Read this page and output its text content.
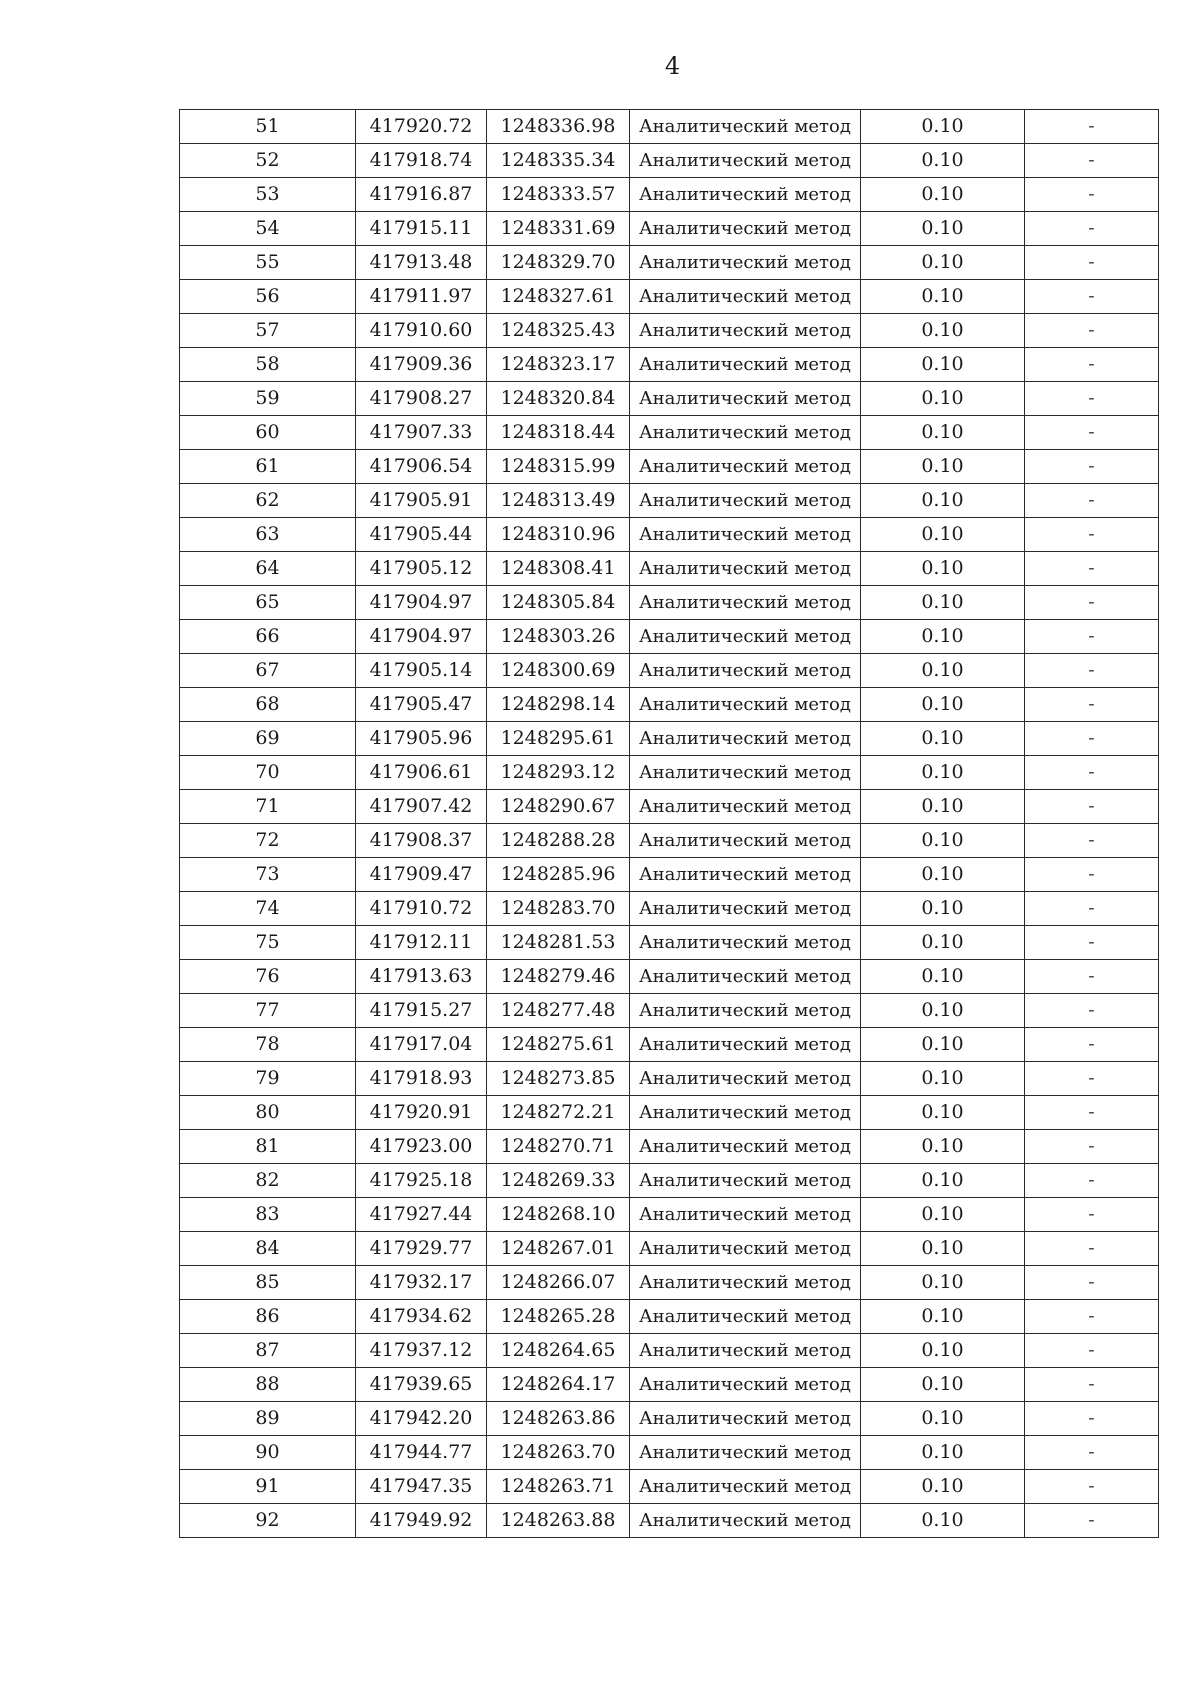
4
51	417920.72	1248336.98	Аналитический метод	0.10	-
52	417918.74	1248335.34	Аналитический метод	0.10	-
53	417916.87	1248333.57	Аналитический метод	0.10	-
54	417915.11	1248331.69	Аналитический метод	0.10	-
55	417913.48	1248329.70	Аналитический метод	0.10	-
56	417911.97	1248327.61	Аналитический метод	0.10	-
57	417910.60	1248325.43	Аналитический метод	0.10	-
58	417909.36	1248323.17	Аналитический метод	0.10	-
59	417908.27	1248320.84	Аналитический метод	0.10	-
60	417907.33	1248318.44	Аналитический метод	0.10	-
61	417906.54	1248315.99	Аналитический метод	0.10	-
62	417905.91	1248313.49	Аналитический метод	0.10	-
63	417905.44	1248310.96	Аналитический метод	0.10	-
64	417905.12	1248308.41	Аналитический метод	0.10	-
65	417904.97	1248305.84	Аналитический метод	0.10	-
66	417904.97	1248303.26	Аналитический метод	0.10	-
67	417905.14	1248300.69	Аналитический метод	0.10	-
68	417905.47	1248298.14	Аналитический метод	0.10	-
69	417905.96	1248295.61	Аналитический метод	0.10	-
70	417906.61	1248293.12	Аналитический метод	0.10	-
71	417907.42	1248290.67	Аналитический метод	0.10	-
72	417908.37	1248288.28	Аналитический метод	0.10	-
73	417909.47	1248285.96	Аналитический метод	0.10	-
74	417910.72	1248283.70	Аналитический метод	0.10	-
75	417912.11	1248281.53	Аналитический метод	0.10	-
76	417913.63	1248279.46	Аналитический метод	0.10	-
77	417915.27	1248277.48	Аналитический метод	0.10	-
78	417917.04	1248275.61	Аналитический метод	0.10	-
79	417918.93	1248273.85	Аналитический метод	0.10	-
80	417920.91	1248272.21	Аналитический метод	0.10	-
81	417923.00	1248270.71	Аналитический метод	0.10	-
82	417925.18	1248269.33	Аналитический метод	0.10	-
83	417927.44	1248268.10	Аналитический метод	0.10	-
84	417929.77	1248267.01	Аналитический метод	0.10	-
85	417932.17	1248266.07	Аналитический метод	0.10	-
86	417934.62	1248265.28	Аналитический метод	0.10	-
87	417937.12	1248264.65	Аналитический метод	0.10	-
88	417939.65	1248264.17	Аналитический метод	0.10	-
89	417942.20	1248263.86	Аналитический метод	0.10	-
90	417944.77	1248263.70	Аналитический метод	0.10	-
91	417947.35	1248263.71	Аналитический метод	0.10	-
92	417949.92	1248263.88	Аналитический метод	0.10	-
